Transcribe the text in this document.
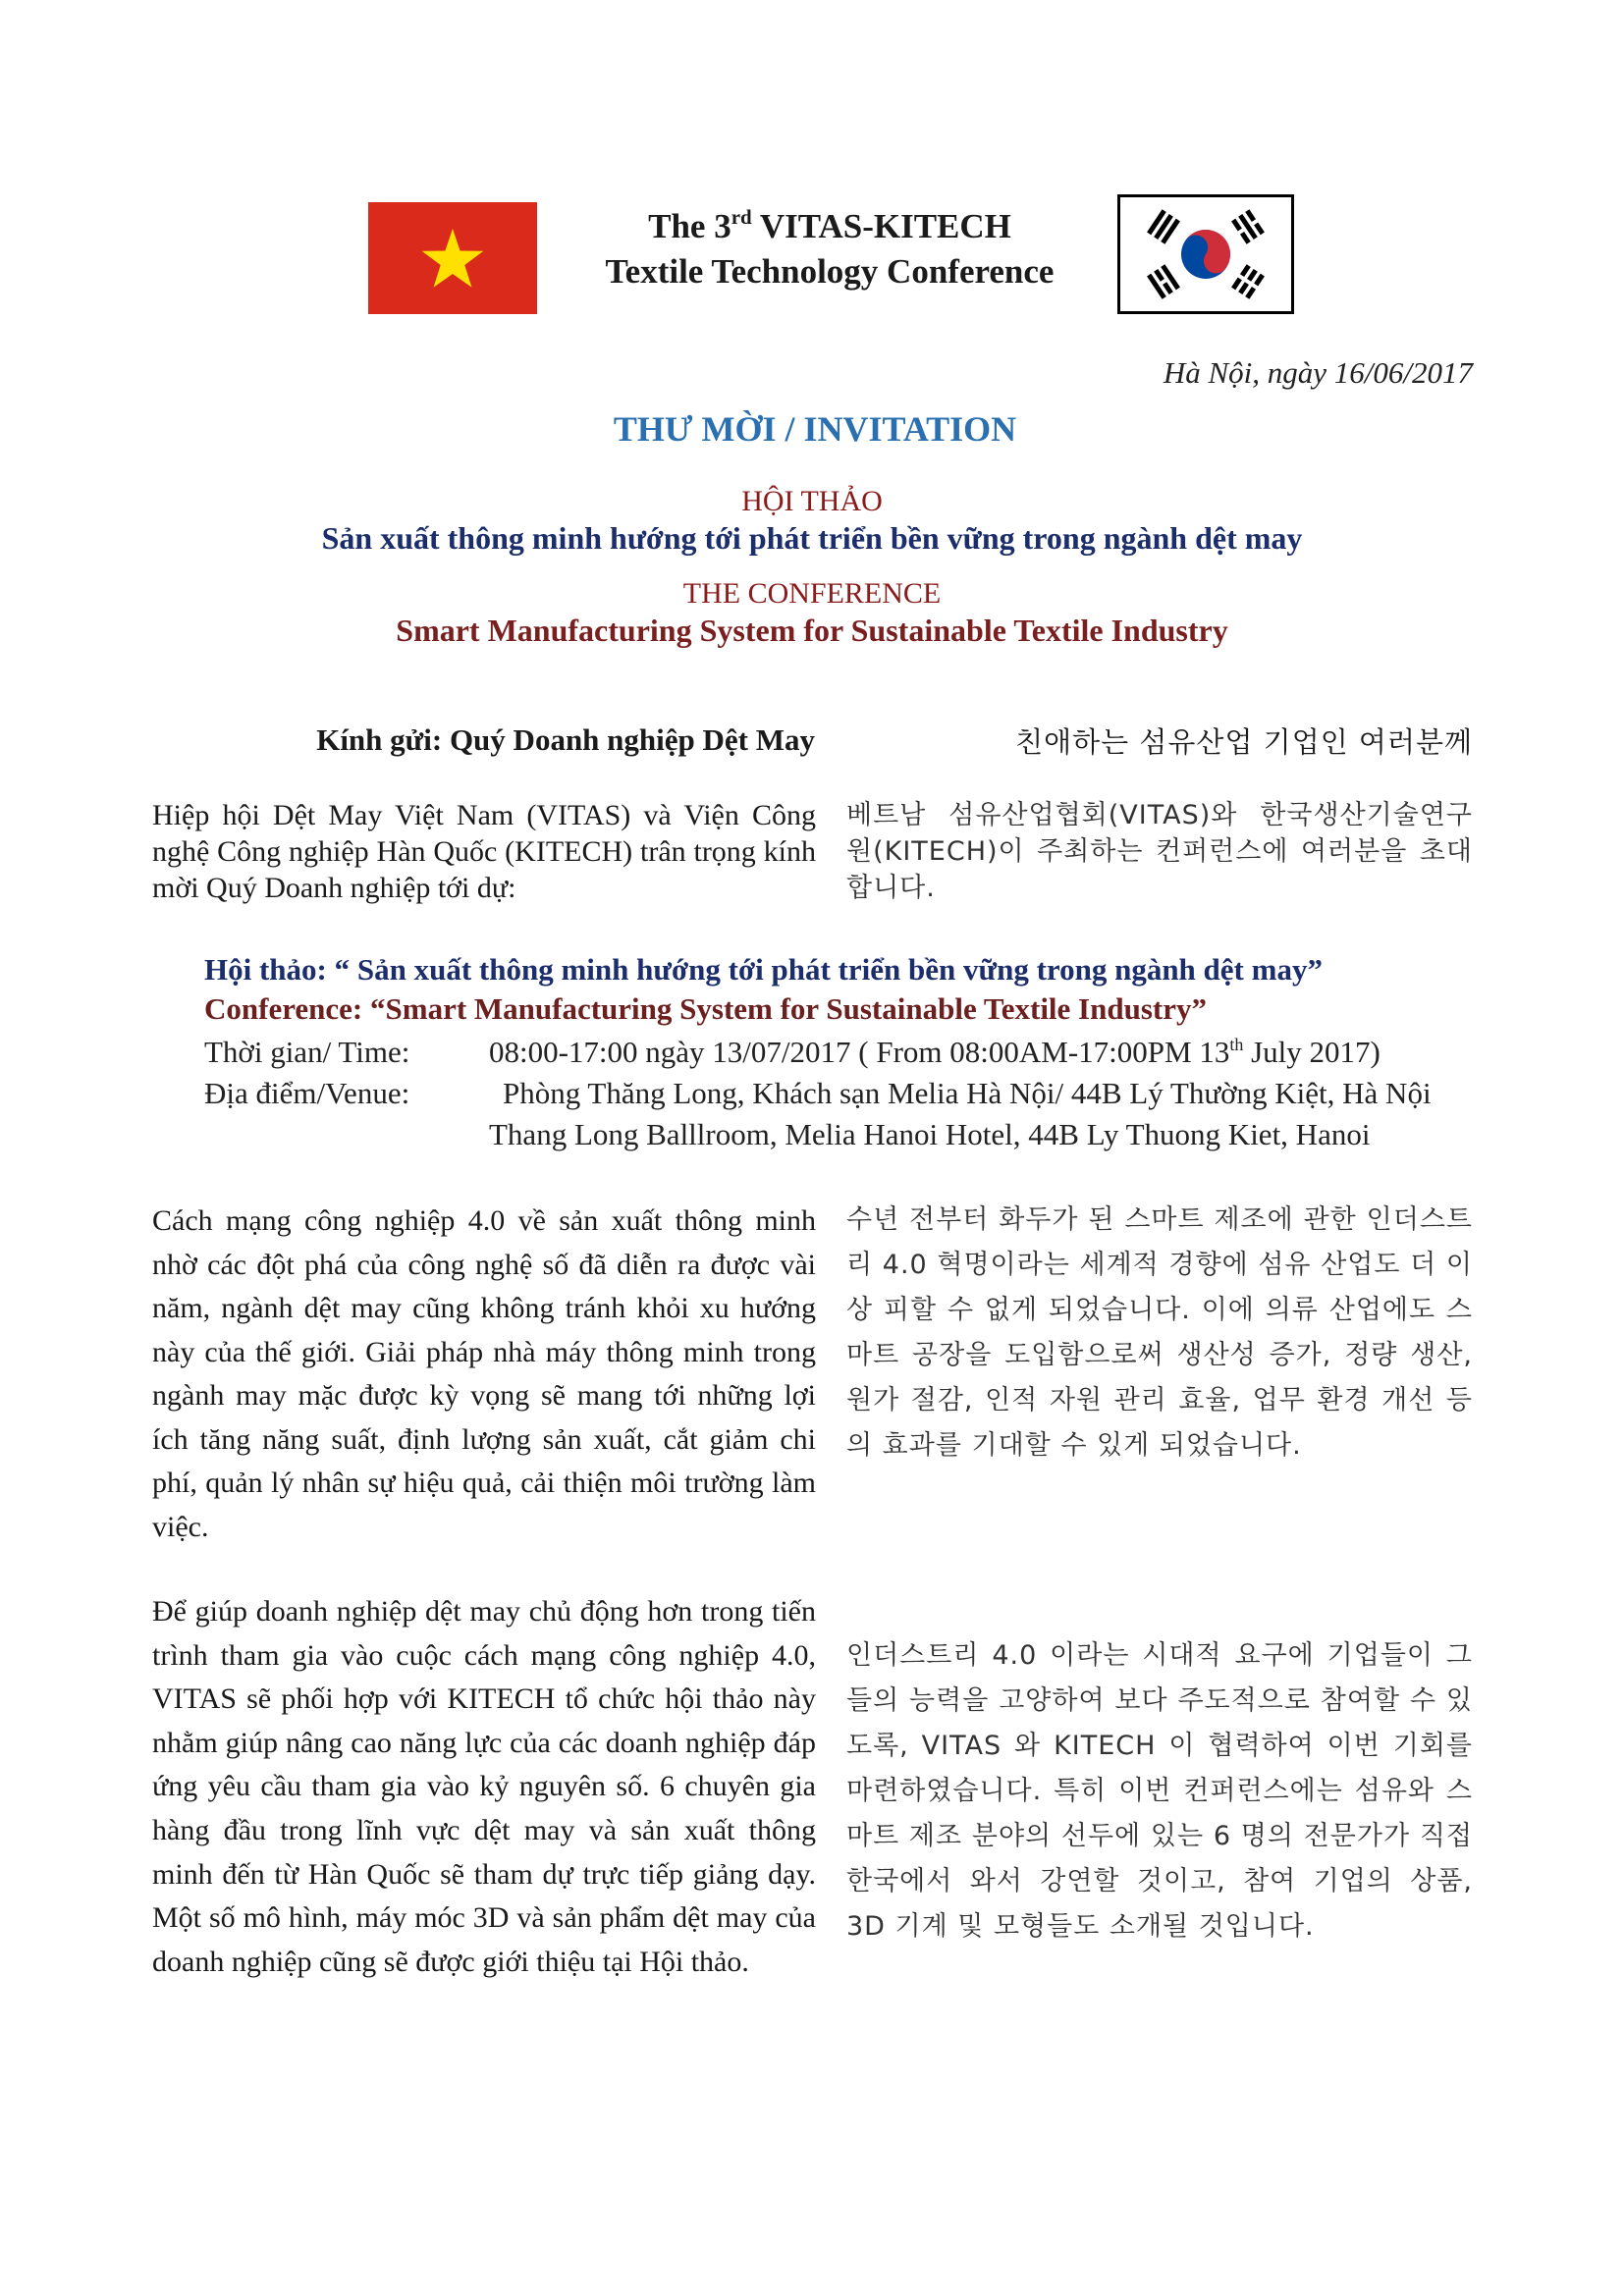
The 3rd VITAS-KITECH
Textile Technology Conference
Hà Nội, ngày 16/06/2017
THƯ MỜI / INVITATION
HỘI THẢO
Sản xuất thông minh hướng tới phát triển bền vững trong ngành dệt may
THE CONFERENCE
Smart Manufacturing System for Sustainable Textile Industry
Kính gửi: Quý Doanh nghiệp Dệt May	친애하는 섬유산업 기업인 여러분께
Hiệp hội Dệt May Việt Nam (VITAS) và Viện Công nghệ Công nghiệp Hàn Quốc (KITECH) trân trọng kính mời Quý Doanh nghiệp tới dự:
베트남 섬유산업협회(VITAS)와 한국생산기술연구원(KITECH)이 주최하는 컨퍼런스에 여러분을 초대합니다.
Hội thảo: “ Sản xuất thông minh hướng tới phát triển bền vững trong ngành dệt may”
Conference: “Smart Manufacturing System for Sustainable Textile Industry”
Thời gian/ Time:	08:00-17:00 ngày 13/07/2017 ( From 08:00AM-17:00PM 13th July 2017)
Địa điểm/Venue:	Phòng Thăng Long, Khách sạn Melia Hà Nội/ 44B Lý Thường Kiệt, Hà Nội
Thang Long Balllroom, Melia Hanoi Hotel, 44B Ly Thuong Kiet, Hanoi
Cách mạng công nghiệp 4.0 về sản xuất thông minh nhờ các đột phá của công nghệ số đã diễn ra được vài năm, ngành dệt may cũng không tránh khỏi xu hướng này của thế giới. Giải pháp nhà máy thông minh trong ngành may mặc được kỳ vọng sẽ mang tới những lợi ích tăng năng suất, định lượng sản xuất, cắt giảm chi phí, quản lý nhân sự hiệu quả, cải thiện môi trường làm việc.
수년 전부터 화두가 된 스마트 제조에 관한 인더스트리 4.0 혁명이라는 세계적 경향에 섬유 산업도 더 이상 피할 수 없게 되었습니다. 이에 의류 산업에도 스마트 공장을 도입함으로써 생산성 증가, 정량 생산, 원가 절감, 인적 자원 관리 효율, 업무 환경 개선 등의 효과를 기대할 수 있게 되었습니다.
Để giúp doanh nghiệp dệt may chủ động hơn trong tiến trình tham gia vào cuộc cách mạng công nghiệp 4.0, VITAS sẽ phối hợp với KITECH tổ chức hội thảo này nhằm giúp nâng cao năng lực của các doanh nghiệp đáp ứng yêu cầu tham gia vào kỷ nguyên số. 6 chuyên gia hàng đầu trong lĩnh vực dệt may và sản xuất thông minh đến từ Hàn Quốc sẽ tham dự trực tiếp giảng dạy. Một số mô hình, máy móc 3D và sản phẩm dệt may của doanh nghiệp cũng sẽ được giới thiệu tại Hội thảo.
인더스트리 4.0 이라는 시대적 요구에 기업들이 그들의 능력을 고양하여 보다 주도적으로 참여할 수 있도록, VITAS 와 KITECH 이 협력하여 이번 기회를 마련하였습니다. 특히 이번 컨퍼런스에는 섬유와 스마트 제조 분야의 선두에 있는 6 명의 전문가가 직접 한국에서 와서 강연할 것이고, 참여 기업의 상품, 3D 기계 및 모형들도 소개될 것입니다.
